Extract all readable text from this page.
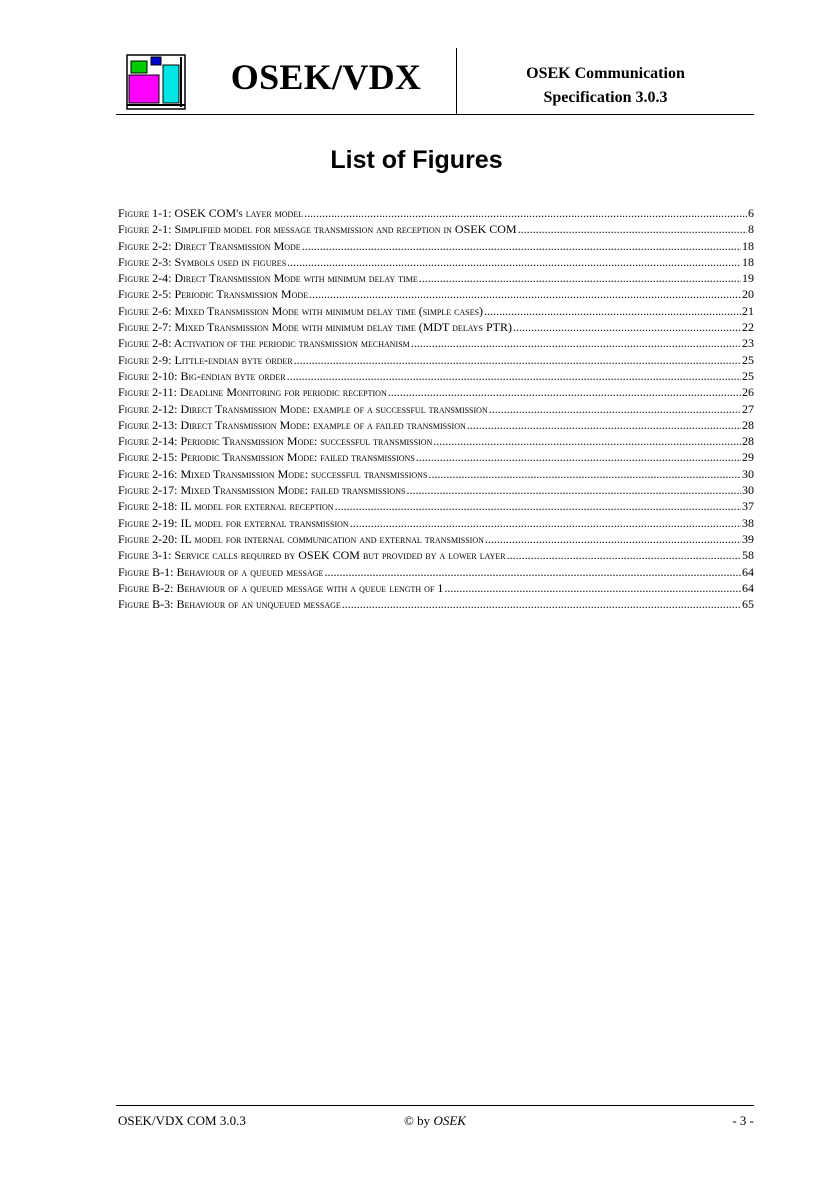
OSEK/VDX	OSEK Communication
Specification 3.0.3
List of Figures
Figure 1-1: OSEK COM's layer model .....	6
Figure 2-1: Simplified model for message transmission and reception in OSEK COM .....	8
Figure 2-2: Direct Transmission Mode .....	18
Figure 2-3: Symbols used in figures .....	18
Figure 2-4: Direct Transmission Mode with minimum delay time .....	19
Figure 2-5: Periodic Transmission Mode .....	20
Figure 2-6: Mixed Transmission Mode with minimum delay time (simple cases) .....	21
Figure 2-7: Mixed Transmission Mode with minimum delay time (MDT delays PTR) .....	22
Figure 2-8: Activation of the periodic transmission mechanism .....	23
Figure 2-9: Little-endian byte order .....	25
Figure 2-10: Big-endian byte order .....	25
Figure 2-11: Deadline Monitoring for periodic reception .....	26
Figure 2-12: Direct Transmission Mode: example of a successful transmission .....	27
Figure 2-13: Direct Transmission Mode: example of a failed transmission .....	28
Figure 2-14: Periodic Transmission Mode: successful transmission .....	28
Figure 2-15: Periodic Transmission Mode: failed transmissions .....	29
Figure 2-16: Mixed Transmission Mode: successful transmissions .....	30
Figure 2-17: Mixed Transmission Mode: failed transmissions .....	30
Figure 2-18: IL model for external reception .....	37
Figure 2-19: IL model for external transmission .....	38
Figure 2-20: IL model for internal communication and external transmission .....	39
Figure 3-1: Service calls required by OSEK COM but provided by a lower layer .....	58
Figure B-1: Behaviour of a queued message .....	64
Figure B-2: Behaviour of a queued message with a queue length of 1 .....	64
Figure B-3: Behaviour of an unqueued message .....	65
OSEK/VDX COM 3.0.3	© by OSEK	- 3 -
